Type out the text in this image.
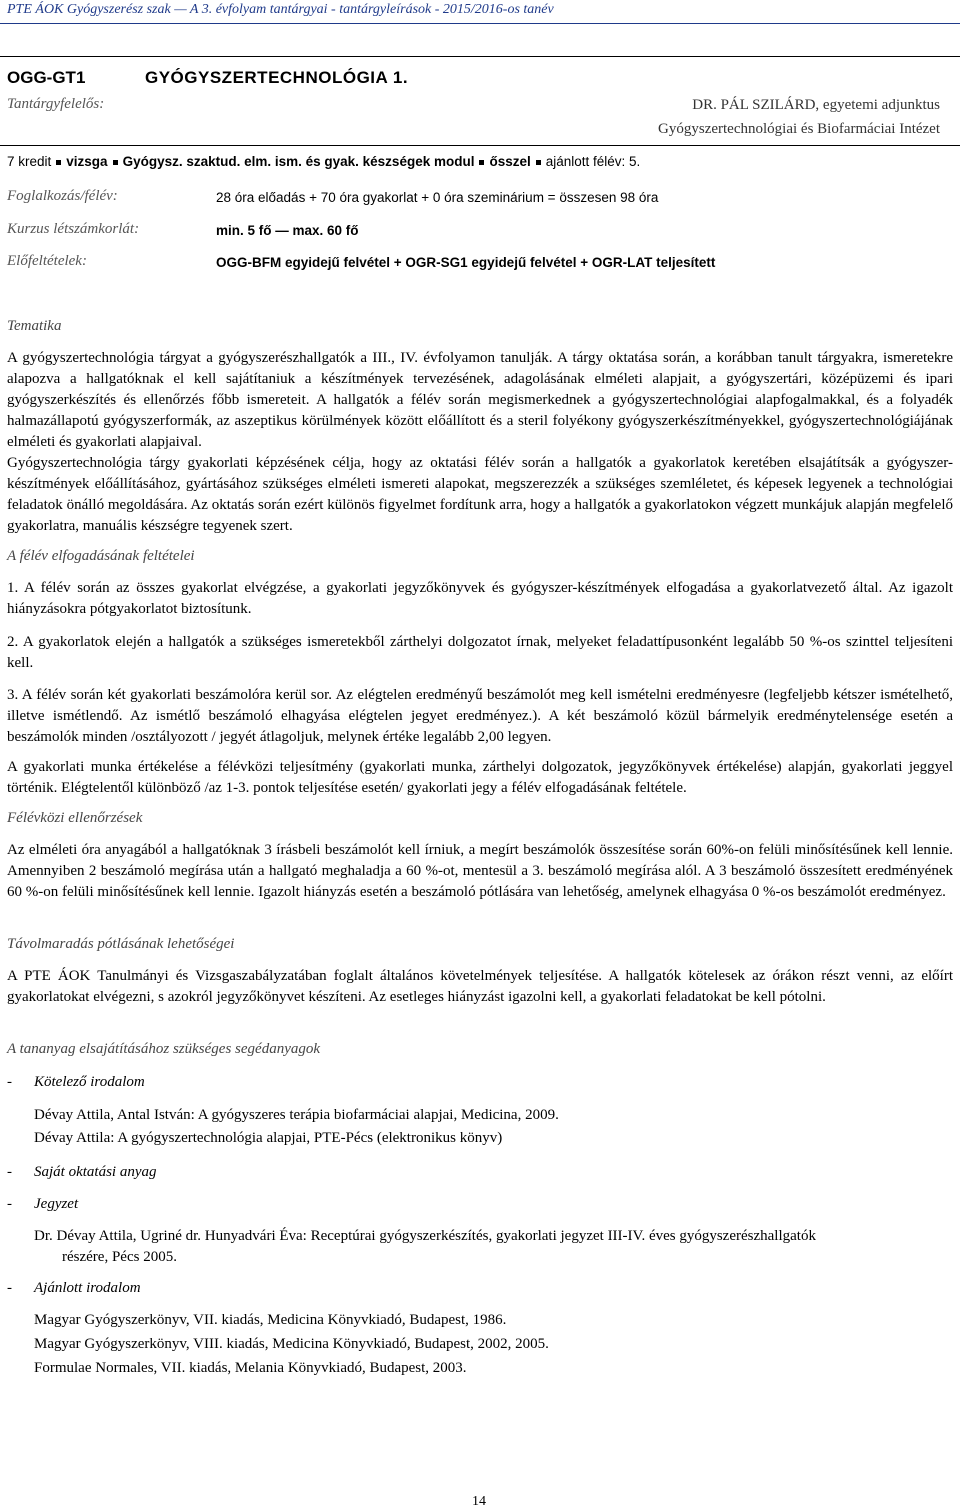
PTE ÁOK Gyógyszerész szak — A 3. évfolyam tantárgyai - tantárgyleírások - 2015/2016-os tanév
OGG-GT1	GYÓGYSZERTECHNOLÓGIA 1.
Tantárgyfelelős:	DR. PÁL SZILÁRD, egyetemi adjunktus
Gyógyszertechnológiai és Biofarmáciai Intézet
7 kredit vizsga Gyógysz. szaktud. elm. ism. és gyak. készségek modul ősszel ajánlott félév: 5.
Foglalkozás/félév:	28 óra előadás + 70 óra gyakorlat + 0 óra szeminárium = összesen 98 óra
Kurzus létszámkorlát:	min. 5 fő — max. 60 fő
Előfeltételek:	OGG-BFM egyidejű felvétel + OGR-SG1 egyidejű felvétel + OGR-LAT teljesített
Tematika
A gyógyszertechnológia tárgyat a gyógyszerészhallgatók a III., IV. évfolyamon tanulják. A tárgy oktatása során, a korábban tanult tárgyakra, ismeretekre alapozva a hallgatóknak el kell sajátítaniuk a készítmények tervezésének, adagolásának elméleti alapjait, a gyógyszertári, középüzemi és ipari gyógyszerkészítés és ellenőrzés főbb ismereteit. A hallgatók a félév során megismerkednek a gyógyszertechnológiai alapfogalmakkal, és a folyadék halmazállapotú gyógyszerformák, az aszeptikus körülmények között előállított és a steril folyékony gyógyszerkészítményekkel, gyógyszertechnológiájának elméleti és gyakorlati alapjaival.
Gyógyszertechnológia tárgy gyakorlati képzésének célja, hogy az oktatási félév során a hallgatók a gyakorlatok keretében elsajátítsák a gyógyszer-készítmények előállításához, gyártásához szükséges elméleti ismereti alapokat, megszerezzék a szükséges szemléletet, és képesek legyenek a technológiai feladatok önálló megoldására. Az oktatás során ezért különös figyelmet fordítunk arra, hogy a hallgatók a gyakorlatokon végzett munkájuk alapján megfelelő gyakorlatra, manuális készségre tegyenek szert.
A félév elfogadásának feltételei
1. A félév során az összes gyakorlat elvégzése, a gyakorlati jegyzőkönyvek és gyógyszer-készítmények elfogadása a gyakorlatvezető által. Az igazolt hiányzásokra pótgyakorlatot biztosítunk.
2. A gyakorlatok elején a hallgatók a szükséges ismeretekből zárthelyi dolgozatot írnak, melyeket feladattípusonként legalább 50 %-os szinttel teljesíteni kell.
3. A félév során két gyakorlati beszámolóra kerül sor. Az elégtelen eredményű beszámolót meg kell ismételni eredményesre (legfeljebb kétszer ismételhető, illetve ismétlendő. Az ismétlő beszámoló elhagyása elégtelen jegyet eredményez.). A két beszámoló közül bármelyik eredménytelensége esetén a beszámolók minden /osztályozott / jegyét átlagoljuk, melynek értéke legalább 2,00 legyen.
A gyakorlati munka értékelése a félévközi teljesítmény (gyakorlati munka, zárthelyi dolgozatok, jegyzőkönyvek értékelése) alapján, gyakorlati jeggyel történik. Elégtelentől különböző /az 1-3. pontok teljesítése esetén/ gyakorlati jegy a félév elfogadásának feltétele.
Félévközi ellenőrzések
Az elméleti óra anyagából a hallgatóknak 3 írásbeli beszámolót kell írniuk, a megírt beszámolók összesítése során 60%-on felüli minősítésűnek kell lennie. Amennyiben 2 beszámoló megírása után a hallgató meghaladja a 60 %-ot, mentesül a 3. beszámoló megírása alól. A 3 beszámoló összesített eredményének 60 %-on felüli minősítésűnek kell lennie. Igazolt hiányzás esetén a beszámoló pótlására van lehetőség, amelynek elhagyása 0 %-os beszámolót eredményez.
Távolmaradás pótlásának lehetőségei
A PTE ÁOK Tanulmányi és Vizsgaszabályzatában foglalt általános követelmények teljesítése. A hallgatók kötelesek az órákon részt venni, az előírt gyakorlatokat elvégezni, s azokról jegyzőkönyvet készíteni. Az esetleges hiányzást igazolni kell, a gyakorlati feladatokat be kell pótolni.
A tananyag elsajátításához szükséges segédanyagok
- Kötelező irodalom
Dévay Attila, Antal István: A gyógyszeres terápia biofarmáciai alapjai, Medicina, 2009.
Dévay Attila: A gyógyszertechnológia alapjai, PTE-Pécs (elektronikus könyv)
- Saját oktatási anyag
- Jegyzet
Dr. Dévay Attila, Ugriné dr. Hunyadvári Éva: Receptúrai gyógyszerkészítés, gyakorlati jegyzet III-IV. éves gyógyszerészhallgatók
részére, Pécs 2005.
- Ajánlott irodalom
Magyar Gyógyszerkönyv, VII. kiadás, Medicina Könyvkiadó, Budapest, 1986.
Magyar Gyógyszerkönyv, VIII. kiadás, Medicina Könyvkiadó, Budapest, 2002, 2005.
Formulae Normales, VII. kiadás, Melania Könyvkiadó, Budapest, 2003.
14
